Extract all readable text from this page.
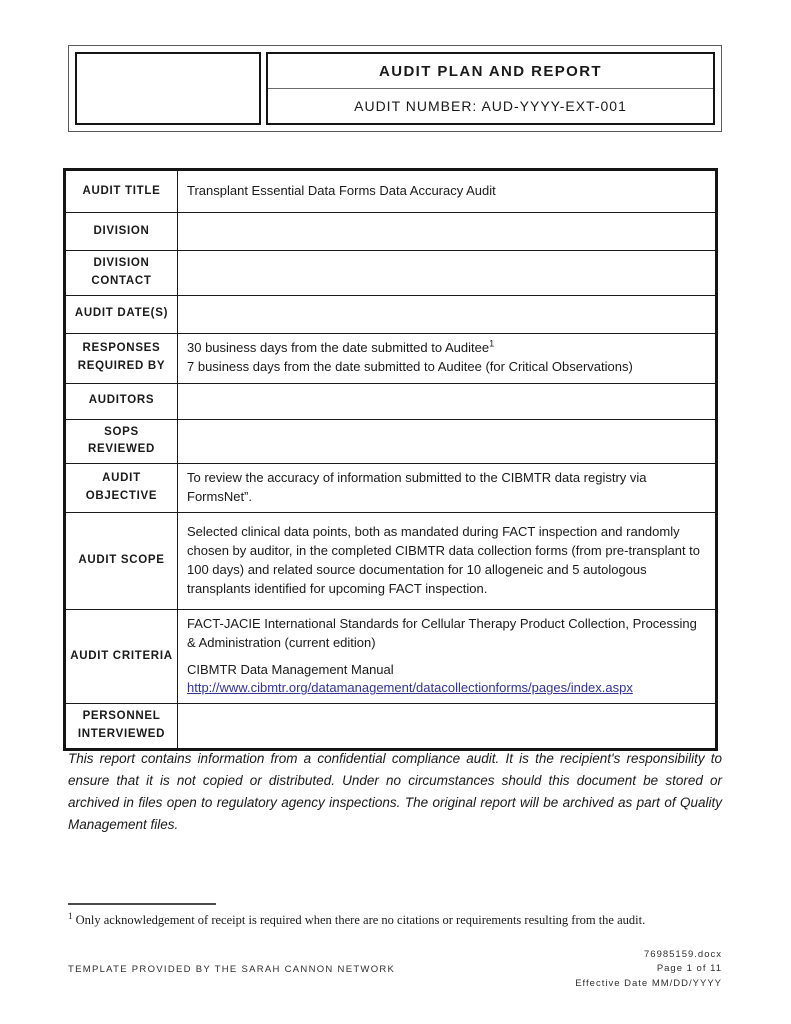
AUDIT PLAN AND REPORT
AUDIT NUMBER: AUD-YYYY-EXT-001
AUDIT TITLE	Transplant Essential Data Forms Data Accuracy Audit
DIVISION
DIVISION CONTACT
AUDIT DATE(S)
RESPONSES REQUIRED BY

30 business days from the date submitted to Auditee$^1$

7 business days from the date submitted to Auditee (for Critical Observations)

AUDITORS
SOPS REVIEWED
AUDIT OBJECTIVE
To review the accuracy of information submitted to the CIBMTR data registry via FormsNet”.
AUDIT SCOPE
Selected clinical data points, both as mandated during FACT inspection and randomly chosen by auditor, in the completed CIBMTR data collection forms (from pre-transplant to 100 days) and related source documentation for 10 allogeneic and 5 autologous transplants identified for upcoming FACT inspection.
AUDIT CRITERIA

FACT-JACIE International Standards for Cellular Therapy Product Collection, Processing & Administration (current edition)

CIBMTR Data Management Manual

http://www.cibmtr.org/datamanagement/datacollectionforms/pages/index.aspx

PERSONNEL INTERVIEWED

This report contains information from a confidential compliance audit. It is the recipient's responsibility to ensure that it is not copied or distributed. Under no circumstances should this document be stored or archived in files open to regulatory agency inspections. The original report will be archived as part of Quality Management files.

$^1$ Only acknowledgement of receipt is required when there are no citations or requirements resulting from the audit.

TEMPLATE PROVIDED BY THE SARAH CANNON NETWORK
76985159.docx
Page 1 of 11
Effective Date MM/DD/YYYY
